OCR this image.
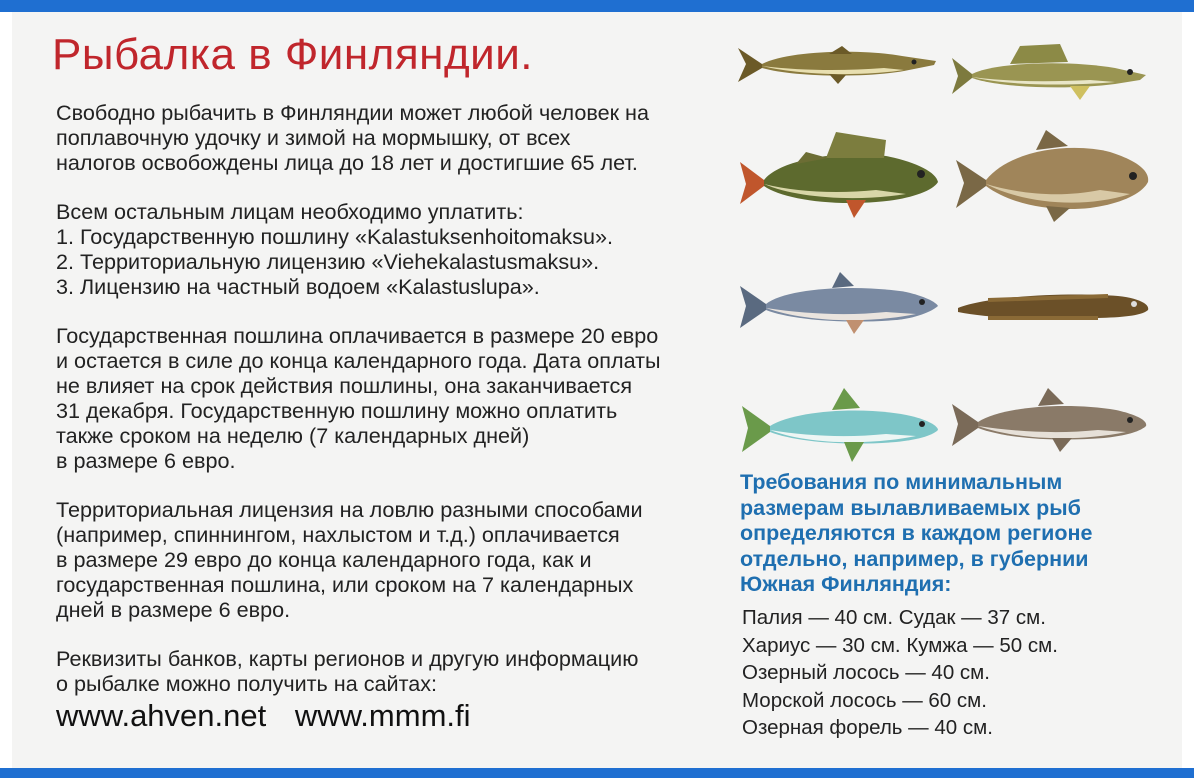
Рыбалка в Финляндии.

Свободно рыбачить в Финляндии может любой человек на
поплавочную удочку и зимой на мормышку, от всех
налогов освобождены лица до 18 лет и достигшие 65 лет.

Всем остальным лицам необходимо уплатить:
1. Государственную пошлину «Kalastuksenhoitomaksu».
2. Территориальную лицензию «Viehekalastusmaksu».
3. Лицензию на частный водоем «Kalastuslupa».

Государственная пошлина оплачивается в размере 20 евро
и остается в силе до конца календарного года. Дата оплаты
не влияет на срок действия пошлины, она заканчивается
31 декабря. Государственную пошлину можно оплатить
также сроком на неделю (7 календарных дней)
в размере 6 евро.

Территориальная лицензия на ловлю разными способами
(например, спиннингом, нахлыстом и т.д.) оплачивается
в размере 29 евро до конца календарного года, как и
государственная пошлина, или сроком на 7 календарных
дней в размере 6 евро.

Реквизиты банков, карты регионов и другую информацию
о рыбалке можно получить на сайтах:

www.ahven.net www.mmm.fi
Требования по минимальным
размерам вылавливаемых рыб
определяются в каждом регионе
отдельно, например, в губернии
Южная Финляндия:
Палия — 40 см. Судак — 37 см.
Хариус — 30 см. Кумжа — 50 см.
Озерный лосось — 40 см.
Морской лосось — 60 см.
Озерная форель — 40 см.
